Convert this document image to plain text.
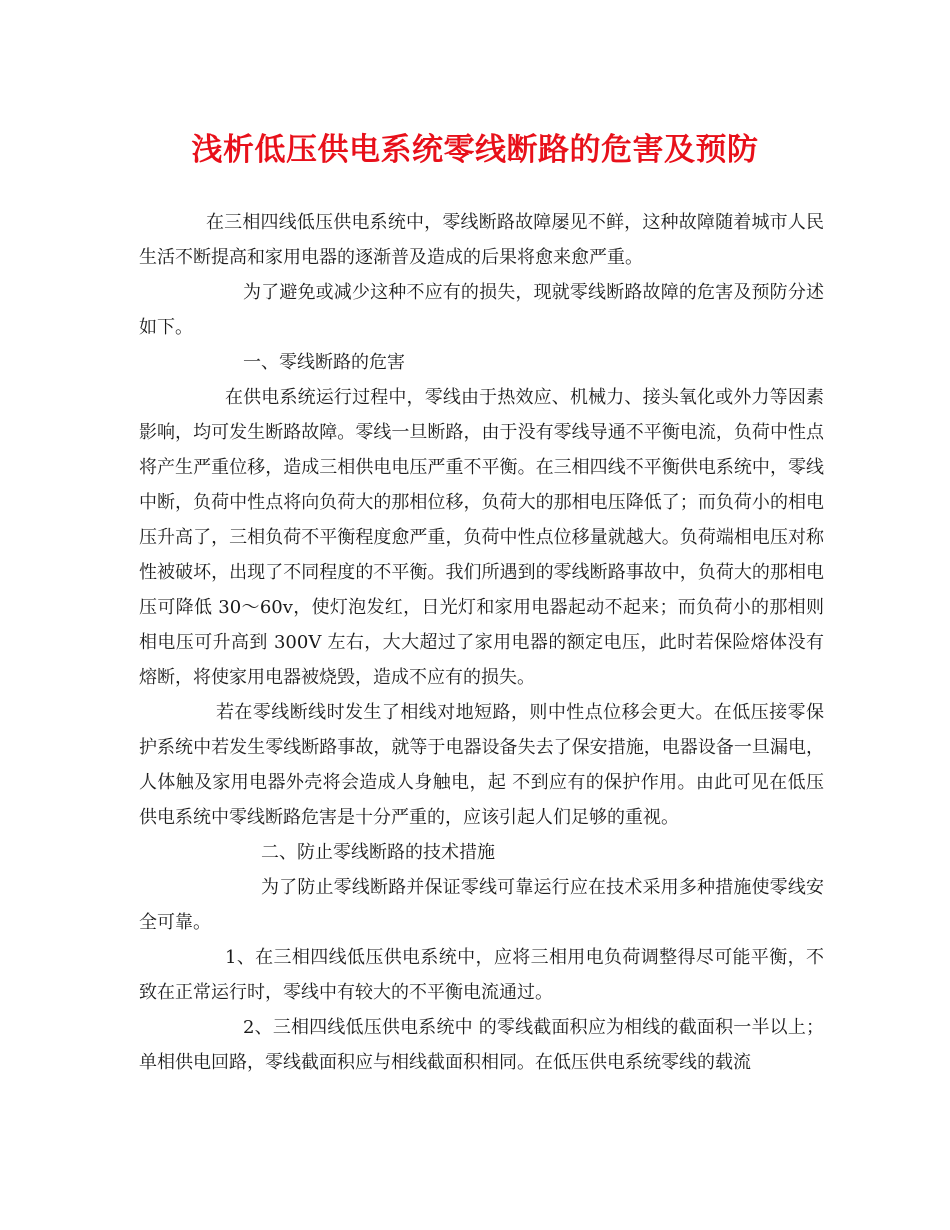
浅析低压供电系统零线断路的危害及预防

在三相四线低压供电系统中，零线断路故障屡见不鲜，这种故障随着城市人民生活不断提高和家用电器的逐渐普及造成的后果将愈来愈严重。

为了避免或减少这种不应有的损失，现就零线断路故障的危害及预防分述如下。

一、零线断路的危害

在供电系统运行过程中，零线由于热效应、机械力、接头氧化或外力等因素影响，均可发生断路故障。零线一旦断路，由于没有零线导通不平衡电流，负荷中性点将产生严重位移，造成三相供电电压严重不平衡。在三相四线不平衡供电系统中，零线中断，负荷中性点将向负荷大的那相位移，负荷大的那相电压降低了；而负荷小的相电压升高了，三相负荷不平衡程度愈严重，负荷中性点位移量就越大。负荷端相电压对称性被破坏，出现了不同程度的不平衡。我们所遇到的零线断路事故中，负荷大的那相电压可降低 30～60v，使灯泡发红，日光灯和家用电器起动不起来；而负荷小的那相则相电压可升高到 300V 左右，大大超过了家用电器的额定电压，此时若保险熔体没有熔断，将使家用电器被烧毁，造成不应有的损失。

若在零线断线时发生了相线对地短路，则中性点位移会更大。在低压接零保护系统中若发生零线断路事故，就等于电器设备失去了保安措施，电器设备一旦漏电，人体触及家用电器外壳将会造成人身触电，起 不到应有的保护作用。由此可见在低压供电系统中零线断路危害是十分严重的，应该引起人们足够的重视。

二、防止零线断路的技术措施

为了防止零线断路并保证零线可靠运行应在技术采用多种措施使零线安全可靠。

1、在三相四线低压供电系统中，应将三相用电负荷调整得尽可能平衡，不致在正常运行时，零线中有较大的不平衡电流通过。

2、三相四线低压供电系统中 的零线截面积应为相线的截面积一半以上；单相供电回路，零线截面积应与相线截面积相同。在低压供电系统零线的载流
